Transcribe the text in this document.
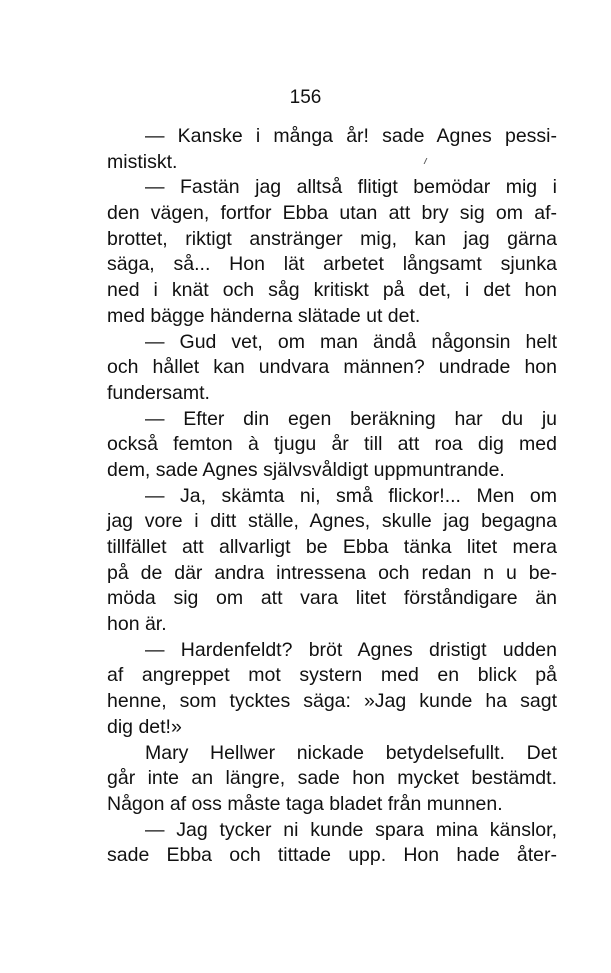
156
— Kanske i många år! sade Agnes pessi-
mistiskt.
— Fastän jag alltså flitigt bemödar mig i
den vägen, fortfor Ebba utan att bry sig om af-
brottet, riktigt anstränger mig, kan jag gärna
säga, så... Hon lät arbetet långsamt sjunka
ned i knät och såg kritiskt på det, i det hon
med bägge händerna slätade ut det.
— Gud vet, om man ändå någonsin helt
och hållet kan undvara männen? undrade hon
fundersamt.
— Efter din egen beräkning har du ju
också femton à tjugu år till att roa dig med
dem, sade Agnes självsvåldigt uppmuntrande.
— Ja, skämta ni, små flickor!... Men om
jag vore i ditt ställe, Agnes, skulle jag begagna
tillfället att allvarligt be Ebba tänka litet mera
på de där andra intressena och redan n u be-
möda sig om att vara litet förståndigare än
hon är.
— Hardenfeldt? bröt Agnes dristigt udden
af angreppet mot systern med en blick på
henne, som tycktes säga: »Jag kunde ha sagt
dig det!»
Mary Hellwer nickade betydelsefullt. Det
går inte an längre, sade hon mycket bestämdt.
Någon af oss måste taga bladet från munnen.
— Jag tycker ni kunde spara mina känslor,
sade Ebba och tittade upp. Hon hade åter-
